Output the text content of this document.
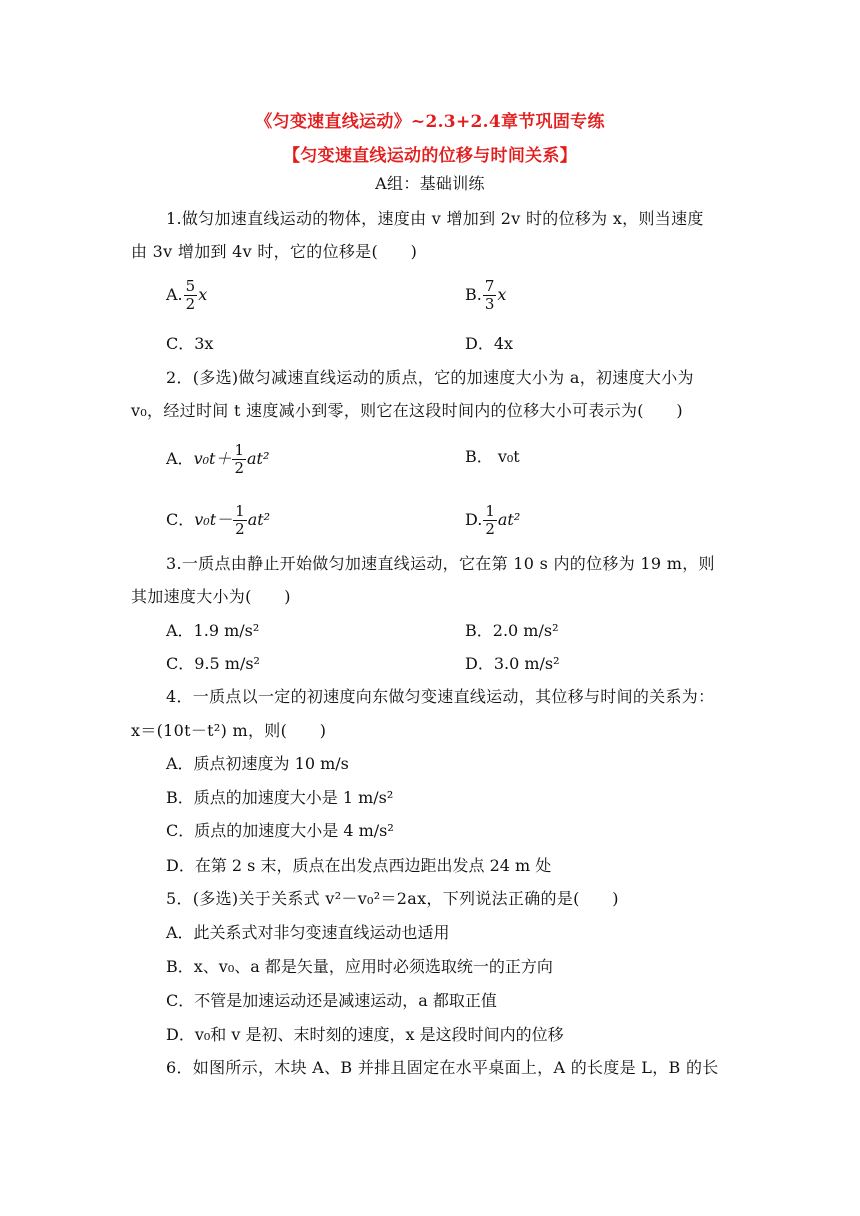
《匀变速直线运动》~2.3+2.4章节巩固专练
【匀变速直线运动的位移与时间关系】
A组：基础训练
1.做匀加速直线运动的物体，速度由 v 增加到 2v 时的位移为 x，则当速度
由 3v 增加到 4v 时，它的位移是(　　)
A. $\frac{5}{2}$ x	B. $\frac{7}{3}$ x
C．3x	D．4x
2．(多选)做匀减速直线运动的质点，它的加速度大小为 a，初速度大小为
v₀，经过时间 t 速度减小到零，则它在这段时间内的位移大小可表示为(　　)
A．$v_0t+ \frac{1}{2} at^2$	B． v₀t
C．$v_0t- \frac{1}{2} at^2$	D. $\frac{1}{2} at^2$
3.一质点由静止开始做匀加速直线运动，它在第 10 s 内的位移为 19 m，则
其加速度大小为(　　)
A．1.9 m/s²	B．2.0 m/s²
C．9.5 m/s²	D．3.0 m/s²
4．一质点以一定的初速度向东做匀变速直线运动，其位移与时间的关系为：
x＝(10t－t²) m，则(　　)
A．质点初速度为 10 m/s
B．质点的加速度大小是 1 m/s²
C．质点的加速度大小是 4 m/s²
D．在第 2 s 末，质点在出发点西边距出发点 24 m 处
5．(多选)关于关系式 v²－v₀²＝2ax，下列说法正确的是(　　)
A．此关系式对非匀变速直线运动也适用
B．x、v₀、a 都是矢量，应用时必须选取统一的正方向
C．不管是加速运动还是减速运动，a 都取正值
D．v₀和 v 是初、末时刻的速度，x 是这段时间内的位移
6．如图所示，木块 A、B 并排且固定在水平桌面上，A 的长度是 L，B 的长
